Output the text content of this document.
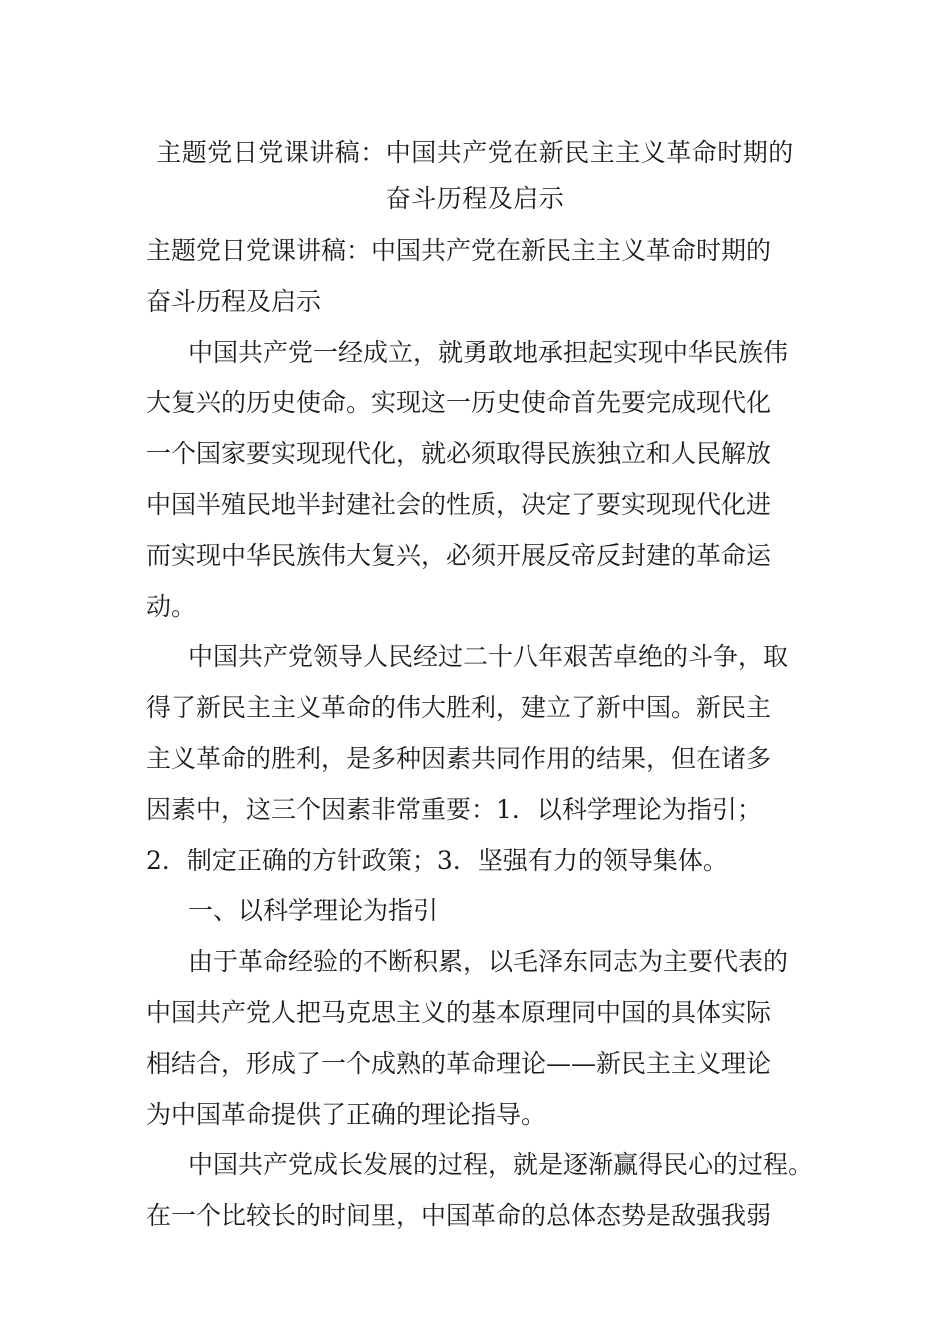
主题党日党课讲稿：中国共产党在新民主主义革命时期的
奋斗历程及启示
主题党日党课讲稿：中国共产党在新民主主义革命时期的
奋斗历程及启示
中国共产党一经成立，就勇敢地承担起实现中华民族伟
大复兴的历史使命。实现这一历史使命首先要完成现代化
一个国家要实现现代化，就必须取得民族独立和人民解放
中国半殖民地半封建社会的性质，决定了要实现现代化进
而实现中华民族伟大复兴，必须开展反帝反封建的革命运
动。
中国共产党领导人民经过二十八年艰苦卓绝的斗争，取
得了新民主主义革命的伟大胜利，建立了新中国。新民主
主义革命的胜利，是多种因素共同作用的结果，但在诸多
因素中，这三个因素非常重要：1．以科学理论为指引；
2．制定正确的方针政策；3．坚强有力的领导集体。
一、以科学理论为指引
由于革命经验的不断积累，以毛泽东同志为主要代表的
中国共产党人把马克思主义的基本原理同中国的具体实际
相结合，形成了一个成熟的革命理论——新民主主义理论
为中国革命提供了正确的理论指导。
中国共产党成长发展的过程，就是逐渐赢得民心的过程。
在一个比较长的时间里，中国革命的总体态势是敌强我弱
